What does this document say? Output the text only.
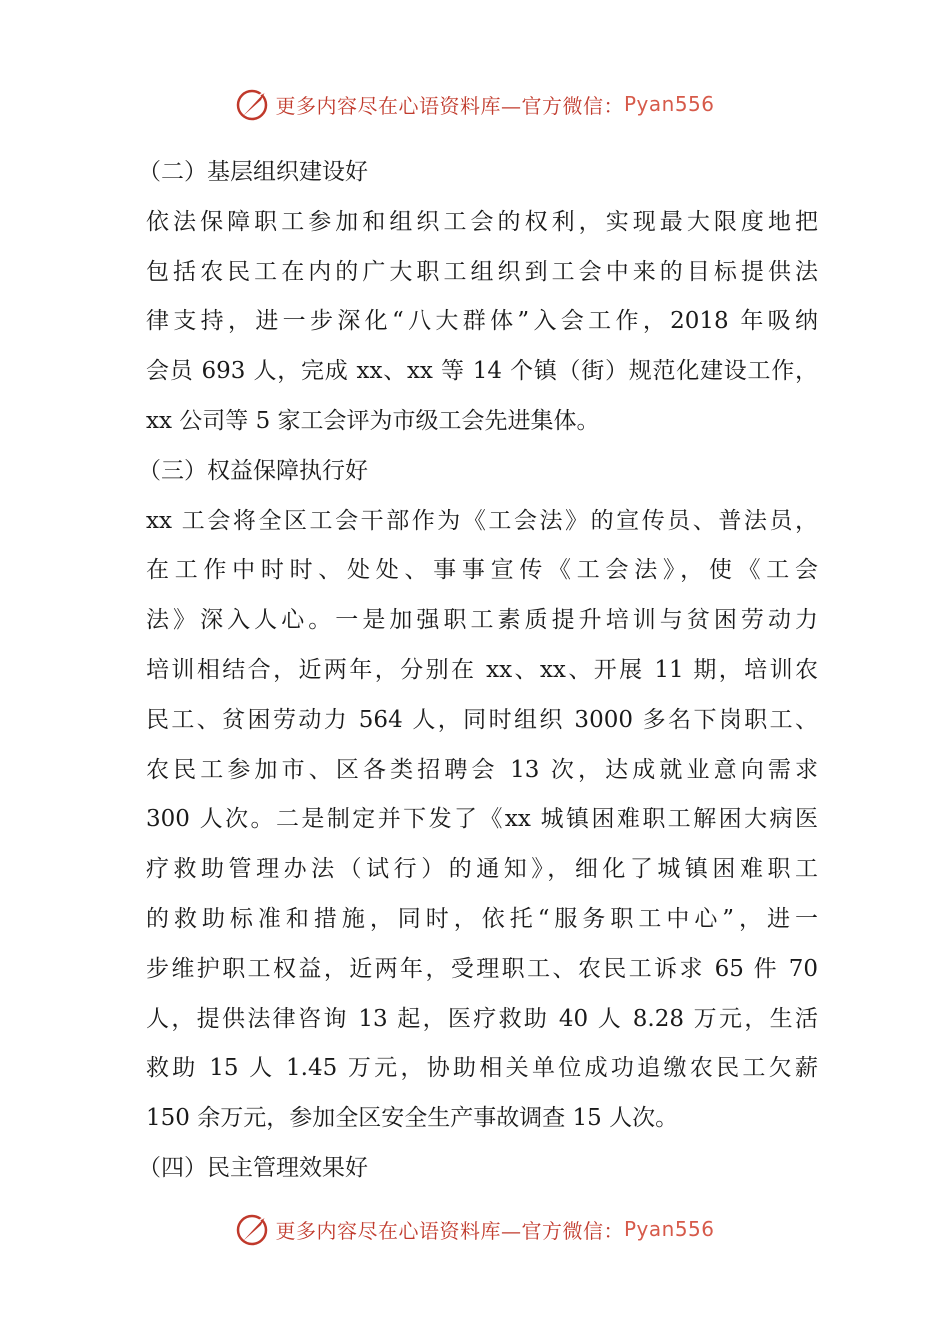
更多内容尽在心语资料库—官方微信： Pyan556
（二）基层组织建设好
依法保障职工参加和组织工会的权利，实现最大限度地把
包括农民工在内的广大职工组织到工会中来的目标提供法
律支持，进一步深化“八大群体”入会工作，2018 年吸纳
会员 693 人，完成 xx、xx 等 14 个镇（街）规范化建设工作，
xx 公司等 5 家工会评为市级工会先进集体。
（三）权益保障执行好
xx 工会将全区工会干部作为《工会法》的宣传员、普法员，
在工作中时时、处处、事事宣传《工会法》，使《工会
法》深入人心。一是加强职工素质提升培训与贫困劳动力
培训相结合，近两年，分别在 xx、xx、开展 11 期，培训农
民工、贫困劳动力 564 人，同时组织 3000 多名下岗职工、
农民工参加市、区各类招聘会 13 次，达成就业意向需求
300 人次。二是制定并下发了《xx 城镇困难职工解困大病医
疗救助管理办法（试行）的通知》，细化了城镇困难职工
的救助标准和措施，同时，依托“服务职工中心”，进一
步维护职工权益，近两年，受理职工、农民工诉求 65 件 70
人，提供法律咨询 13 起，医疗救助 40 人 8.28 万元，生活
救助 15 人 1.45 万元，协助相关单位成功追缴农民工欠薪
150 余万元，参加全区安全生产事故调查 15 人次。
（四）民主管理效果好
更多内容尽在心语资料库—官方微信： Pyan556
